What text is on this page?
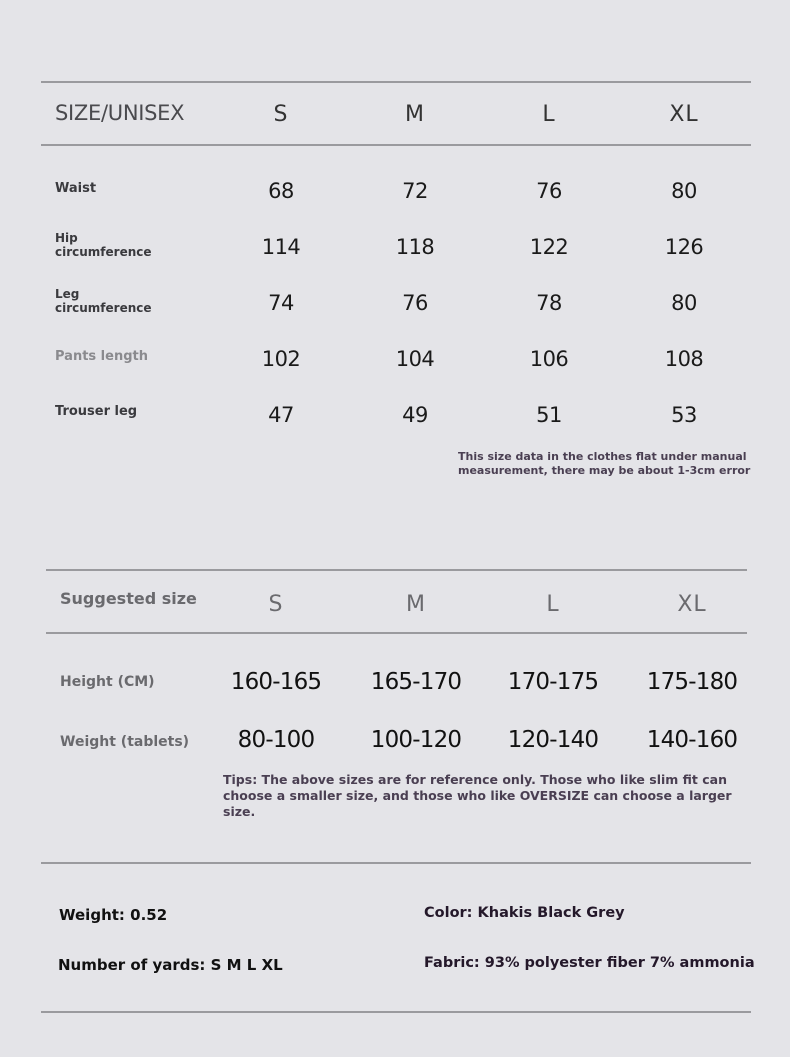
SIZE/UNISEX	S	M	L	XL
Waist	68	72	76	80
Hip
circumference	114	118	122	126
Leg
circumference	74	76	78	80
Pants length	102	104	106	108
Trouser leg	47	49	51	53
This size data in the clothes flat under manual
measurement, there may be about 1-3cm error
Suggested size	S	M	L	XL
Height (CM)	160-165	165-170	170-175	175-180
Weight (tablets)	80-100	100-120	120-140	140-160
Tips: The above sizes are for reference only. Those who like slim fit can choose a smaller size, and those who like OVERSIZE can choose a larger size.
Weight: 0.52
Number of yards: S M L XL
Color: Khakis Black Grey
Fabric: 93% polyester fiber 7% ammonia
